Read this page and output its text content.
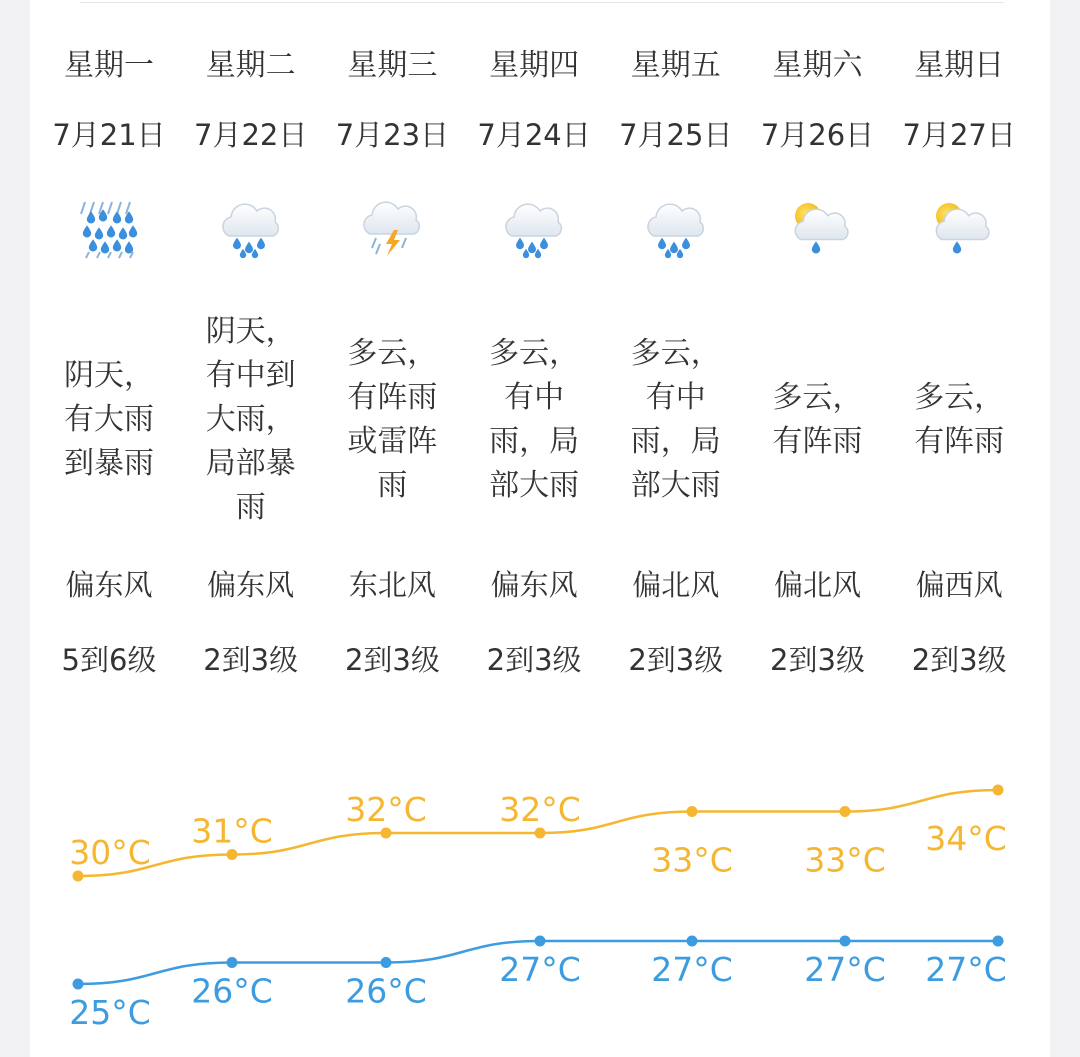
星期一
7月21日
阴天，有大雨到暴雨
偏东风
5到6级
星期二
7月22日
阴天，有中到大雨，局部暴雨
偏东风
2到3级
星期三
7月23日
多云，有阵雨或雷阵雨
东北风
2到3级
星期四
7月24日
多云，有中雨，局部大雨
偏东风
2到3级
星期五
7月25日
多云，有中雨，局部大雨
偏北风
2到3级
星期六
7月26日
多云，有阵雨
偏北风
2到3级
星期日
7月27日
多云，有阵雨
偏西风
2到3级
30°C
31°C
32°C 32°C
33°C 33°C
34°C
25°C
26°C 26°C
27°C 27°C 27°C 27°C
